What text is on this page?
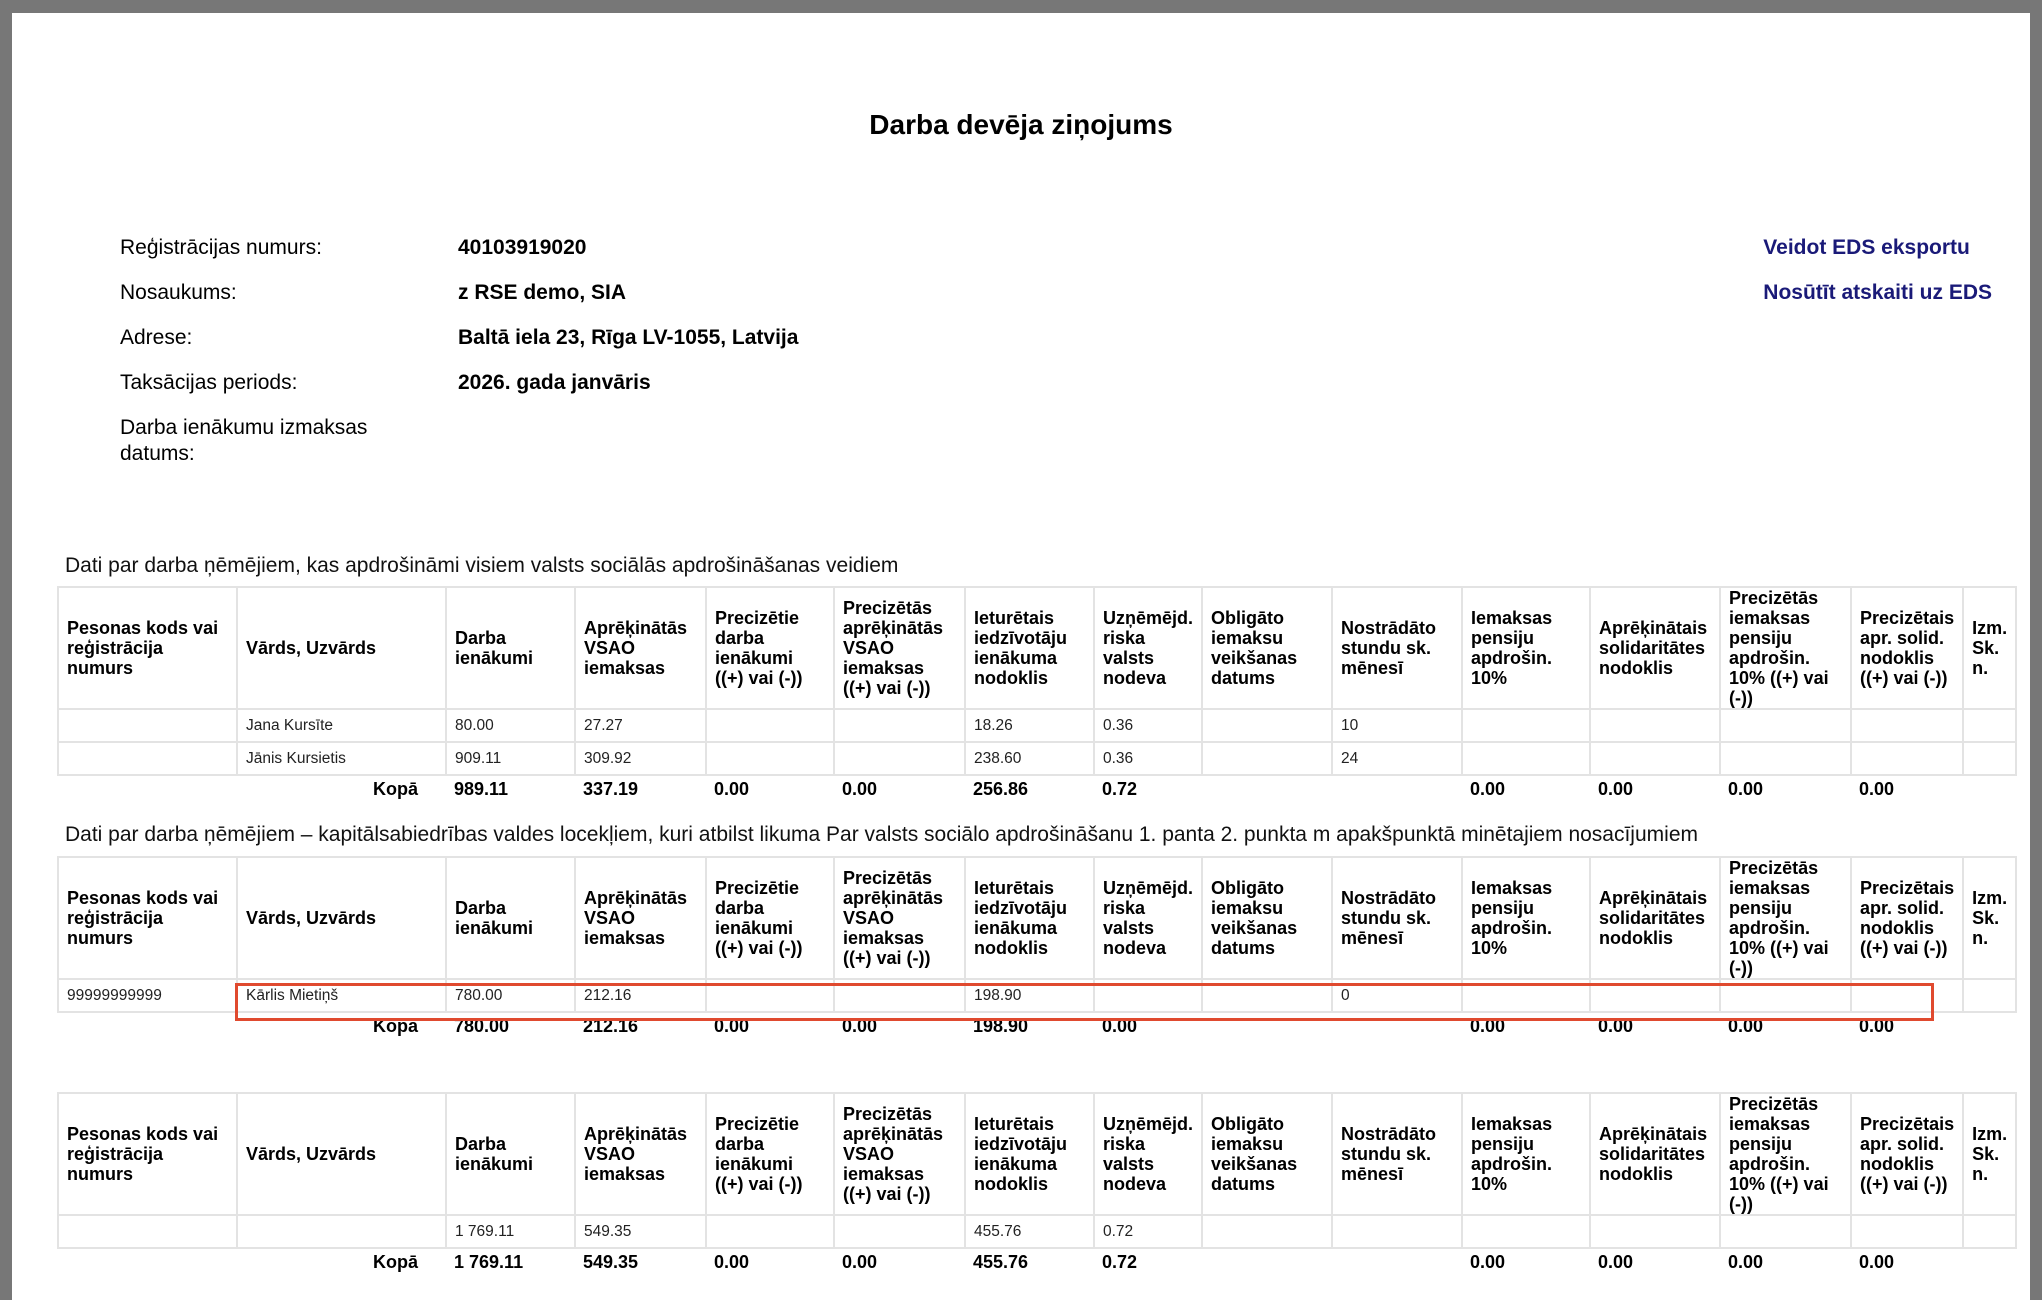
Darba devēja ziņojums
Reģistrācijas numurs:	40103919020
Nosaukums:	z RSE demo, SIA
Adrese:	Baltā iela 23, Rīga LV-1055, Latvija
Taksācijas periods:	2026. gada janvāris
Darba ienākumu izmaksas datums:
Veidot EDS eksportu
Nosūtīt atskaiti uz EDS
Dati par darba ņēmējiem, kas apdrošināmi visiem valsts sociālās apdrošināšanas veidiem
Pesonas kods vai reģistrācija numurs	Vārds, Uzvārds	Darba ienākumi	Aprēķinātās VSAO iemaksas	Precizētie darba ienākumi ((+) vai (-))	Precizētās aprēķinātās VSAO iemaksas ((+) vai (-))	Ieturētais iedzīvotāju ienākuma nodoklis	Uzņēmējd. riska valsts nodeva	Obligāto iemaksu veikšanas datums	Nostrādāto stundu sk. mēnesī	Iemaksas pensiju apdrošin. 10%	Aprēķinātais solidaritātes nodoklis	Precizētās iemaksas pensiju apdrošin. 10% ((+) vai (-))	Precizētais apr. solid. nodoklis ((+) vai (-))	Izm. Sk. n.
	Jana Kursīte	80.00	27.27			18.26	0.36		10					
	Jānis Kursietis	909.11	309.92			238.60	0.36		24					
	Kopā	989.11	337.19	0.00	0.00	256.86	0.72			0.00	0.00	0.00	0.00	
Dati par darba ņēmējiem – kapitālsabiedrības valdes locekļiem, kuri atbilst likuma Par valsts sociālo apdrošināšanu 1. panta 2. punkta m apakšpunktā minētajiem nosacījumiem
Pesonas kods vai reģistrācija numurs	Vārds, Uzvārds	Darba ienākumi	Aprēķinātās VSAO iemaksas	Precizētie darba ienākumi ((+) vai (-))	Precizētās aprēķinātās VSAO iemaksas ((+) vai (-))	Ieturētais iedzīvotāju ienākuma nodoklis	Uzņēmējd. riska valsts nodeva	Obligāto iemaksu veikšanas datums	Nostrādāto stundu sk. mēnesī	Iemaksas pensiju apdrošin. 10%	Aprēķinātais solidaritātes nodoklis	Precizētās iemaksas pensiju apdrošin. 10% ((+) vai (-))	Precizētais apr. solid. nodoklis ((+) vai (-))	Izm. Sk. n.
99999999999	Kārlis Mietiņš	780.00	212.16			198.90			0					
	Kopā	780.00	212.16	0.00	0.00	198.90	0.00			0.00	0.00	0.00	0.00	
Pesonas kods vai reģistrācija numurs	Vārds, Uzvārds	Darba ienākumi	Aprēķinātās VSAO iemaksas	Precizētie darba ienākumi ((+) vai (-))	Precizētās aprēķinātās VSAO iemaksas ((+) vai (-))	Ieturētais iedzīvotāju ienākuma nodoklis	Uzņēmējd. riska valsts nodeva	Obligāto iemaksu veikšanas datums	Nostrādāto stundu sk. mēnesī	Iemaksas pensiju apdrošin. 10%	Aprēķinātais solidaritātes nodoklis	Precizētās iemaksas pensiju apdrošin. 10% ((+) vai (-))	Precizētais apr. solid. nodoklis ((+) vai (-))	Izm. Sk. n.
		1 769.11	549.35			455.76	0.72							
	Kopā	1 769.11	549.35	0.00	0.00	455.76	0.72			0.00	0.00	0.00	0.00	
